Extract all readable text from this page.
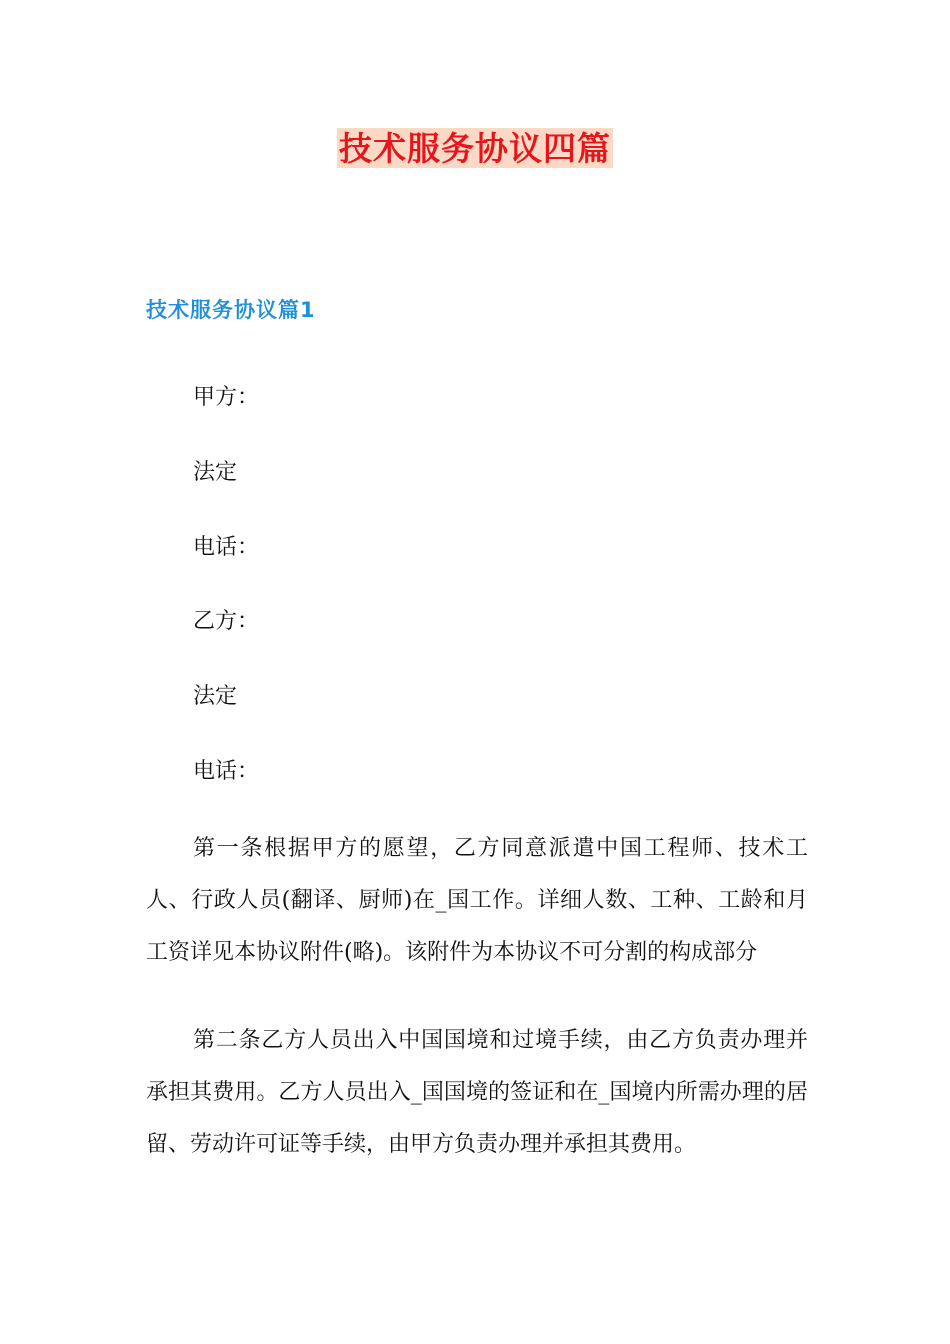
技术服务协议四篇
技术服务协议篇1
甲方：
法定
电话：
乙方：
法定
电话：

第一条根据甲方的愿望，乙方同意派遣中国工程师、技术工人、行政人员(翻译、厨师)在_国工作。详细人数、工种、工龄和月工资详见本协议附件(略)。该附件为本协议不可分割的构成部分

第二条乙方人员出入中国国境和过境手续，由乙方负责办理并承担其费用。乙方人员出入_国国境的签证和在_国境内所需办理的居留、劳动许可证等手续，由甲方负责办理并承担其费用。
